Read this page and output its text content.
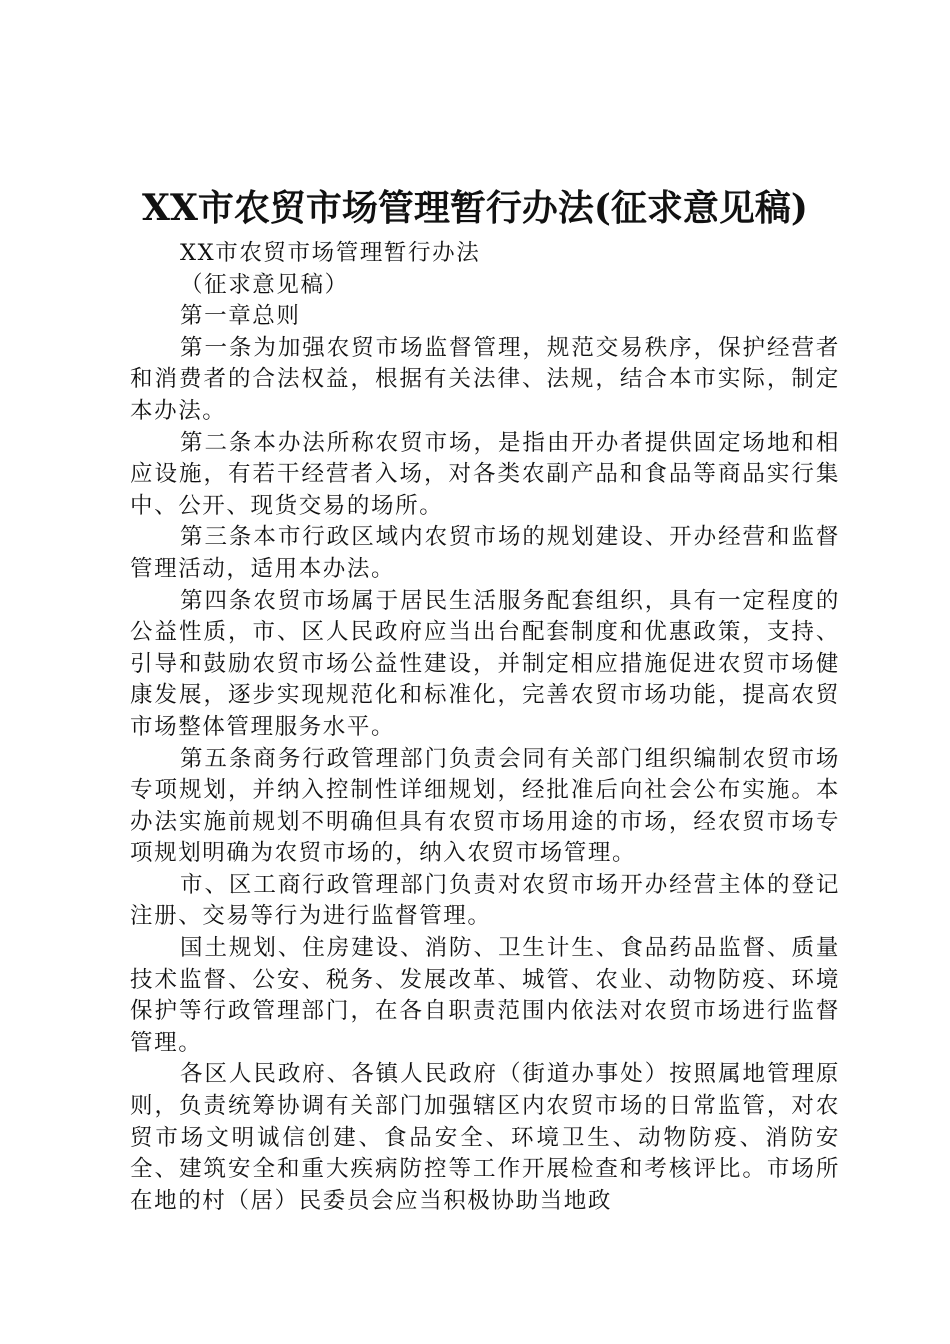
XX市农贸市场管理暂行办法(征求意见稿)

XX市农贸市场管理暂行办法

（征求意见稿）

第一章总则

第一条为加强农贸市场监督管理，规范交易秩序，保护经营者和消费者的合法权益，根据有关法律、法规，结合本市实际，制定本办法。

第二条本办法所称农贸市场，是指由开办者提供固定场地和相应设施，有若干经营者入场，对各类农副产品和食品等商品实行集中、公开、现货交易的场所。

第三条本市行政区域内农贸市场的规划建设、开办经营和监督管理活动，适用本办法。

第四条农贸市场属于居民生活服务配套组织，具有一定程度的公益性质，市、区人民政府应当出台配套制度和优惠政策，支持、引导和鼓励农贸市场公益性建设，并制定相应措施促进农贸市场健康发展，逐步实现规范化和标准化，完善农贸市场功能，提高农贸市场整体管理服务水平。

第五条商务行政管理部门负责会同有关部门组织编制农贸市场专项规划，并纳入控制性详细规划，经批准后向社会公布实施。本办法实施前规划不明确但具有农贸市场用途的市场，经农贸市场专项规划明确为农贸市场的，纳入农贸市场管理。

市、区工商行政管理部门负责对农贸市场开办经营主体的登记注册、交易等行为进行监督管理。

国土规划、住房建设、消防、卫生计生、食品药品监督、质量技术监督、公安、税务、发展改革、城管、农业、动物防疫、环境保护等行政管理部门，在各自职责范围内依法对农贸市场进行监督管理。

各区人民政府、各镇人民政府（街道办事处）按照属地管理原则，负责统筹协调有关部门加强辖区内农贸市场的日常监管，对农贸市场文明诚信创建、食品安全、环境卫生、动物防疫、消防安全、建筑安全和重大疾病防控等工作开展检查和考核评比。市场所在地的村（居）民委员会应当积极协助当地政
